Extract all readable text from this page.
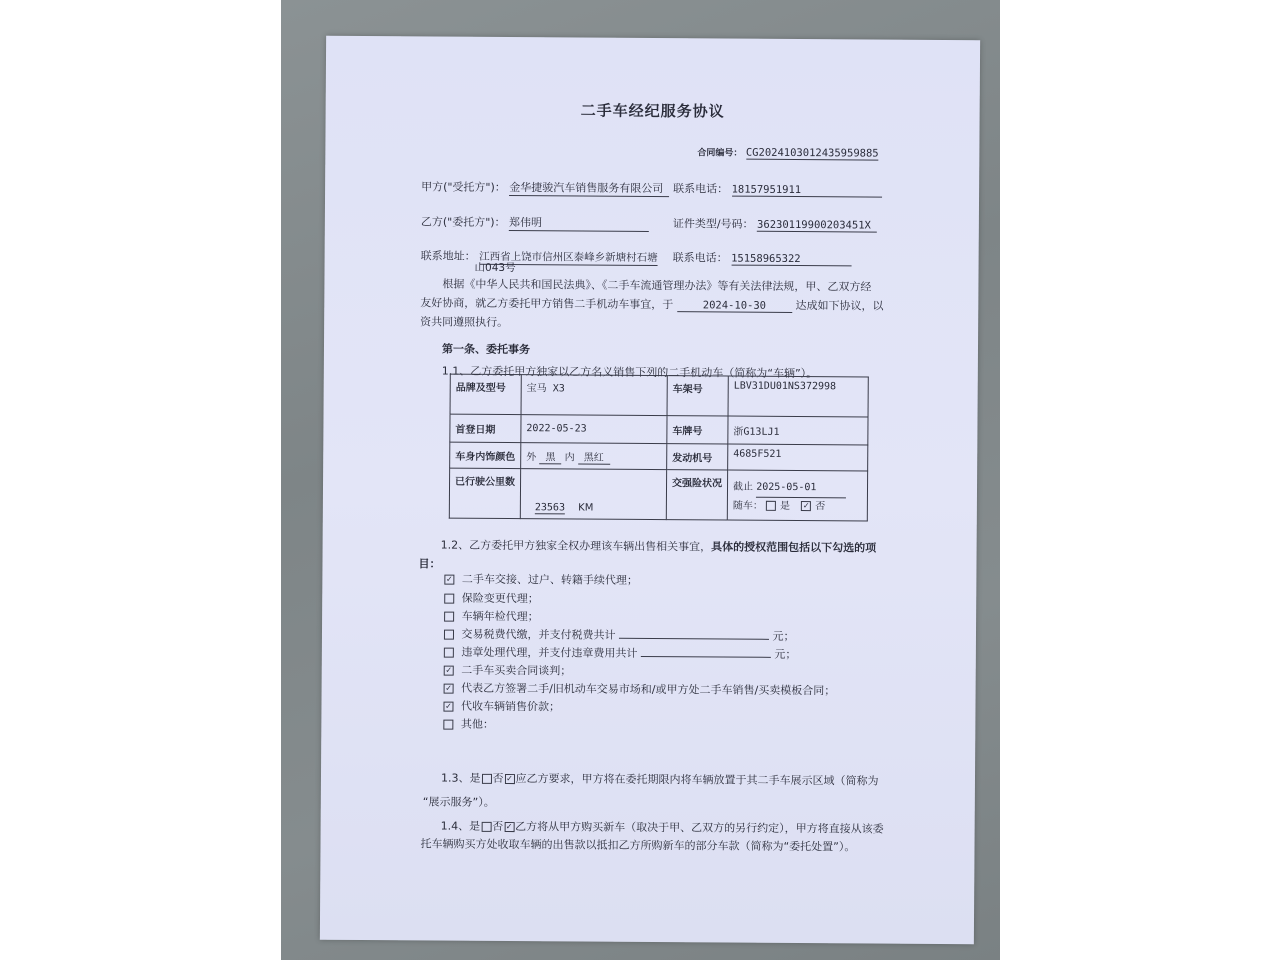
二手车经纪服务协议
合同编号： CG20241030124359598​85
甲方("受托方")： 金华捷骏汽车销售服务有限公司 联系电话： 18157951911
乙方("委托方")： 郑伟明	证件类型/号码： 36230119900203451X
联系地址： 江西省上饶市信州区泰峰乡新塘村石塘
山043号
联系电话： 15158965322
根据《中华人民共和国民法典》、《二手车流通管理办法》等有关法律法规，甲、乙双方经
友好协商，就乙方委托甲方销售二手机动车事宜，于	2024-10-30	达成如下协议，以
资共同遵照执行。
第一条、委托事务
1.1、乙方委托甲方独家以乙方名义销售下列的二手机动车（简称为“车辆”）。
品牌及型号	宝马 X3	车架号	LBV31DU01NS372998
首登日期	2022-05-23	车牌号	浙G13LJ1
车身内饰颜色	外 黑 内 黑红	发动机号	4685F521
已行驶公里数	23563 KM	交强险状况	截止 2025-05-01
随车： 是 ✓ 否
1.2、乙方委托甲方独家全权办理该车辆出售相关事宜，具体的授权范围包括以下勾选的项
目：
✓ 二手车交接、过户、转籍手续代理；
保险变更代理；
车辆年检代理；
交易税费代缴，并支付税费共计	元；
违章处理代理，并支付违章费用共计	元；
✓ 二手车买卖合同谈判；
✓ 代表乙方签署二手/旧机动车交易市场和/或甲方处二手车销售/买卖模板合同；
✓ 代收车辆销售价款；
其他：
1.3、是 否 ✓ 应乙方要求，甲方将在委托期限内将车辆放置于其二手车展示区域（简称为
“展示服务”）。
1.4、是 否 ✓ 乙方将从甲方购买新车（取决于甲、乙双方的另行约定），甲方将直接从该委
托车辆购买方处收取车辆的出售款以抵扣乙方所购新车的部分车款（简称为“委托处置”）。
